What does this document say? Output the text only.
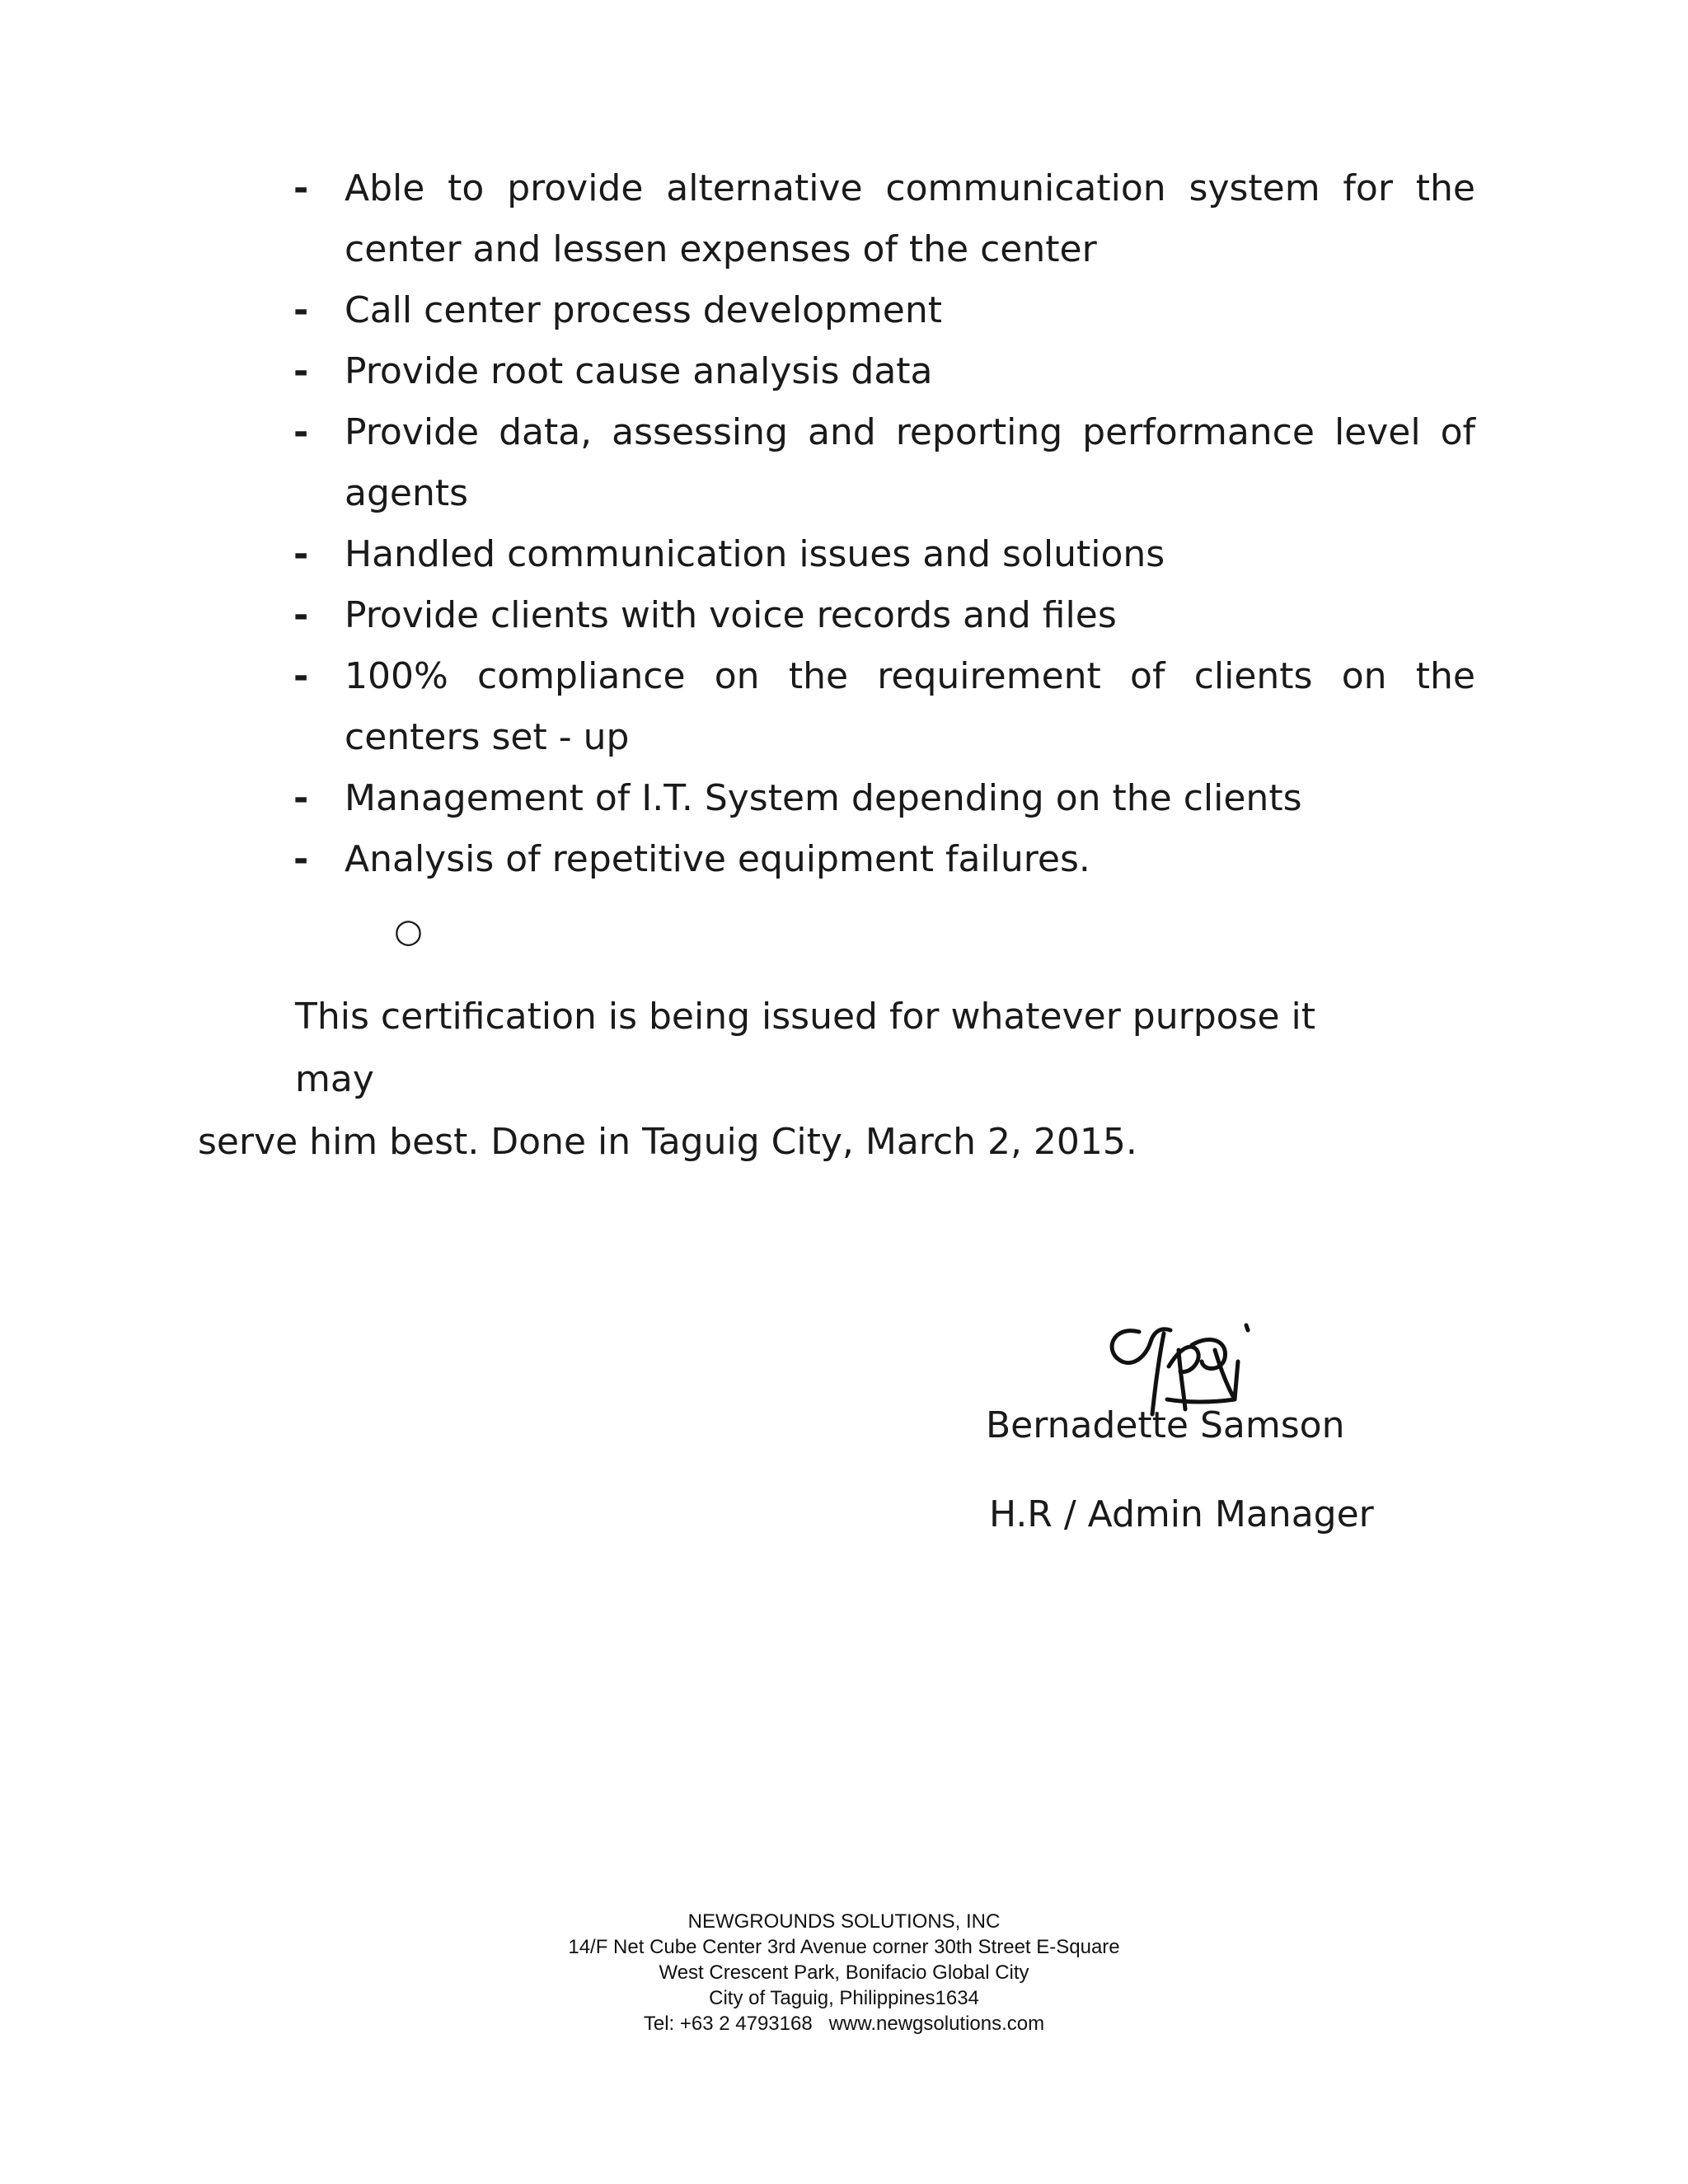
- Able to provide alternative communication system for the center and lessen expenses of the center
- Call center process development
- Provide root cause analysis data
- Provide data, assessing and reporting performance level of agents
- Handled communication issues and solutions
- Provide clients with voice records and files
- 100% compliance on the requirement of clients on the centers set - up
- Management of I.T. System depending on the clients
- Analysis of repetitive equipment failures.
○

This certification is being issued for whatever purpose it may
serve him best. Done in Taguig City, March 2, 2015.

Bernadette Samson
H.R / Admin Manager
NEWGROUNDS SOLUTIONS, INC
14/F Net Cube Center 3rd Avenue corner 30th Street E-Square
West Crescent Park, Bonifacio Global City
City of Taguig, Philippines1634
Tel: +63 2 4793168   www.newgsolutions.com
